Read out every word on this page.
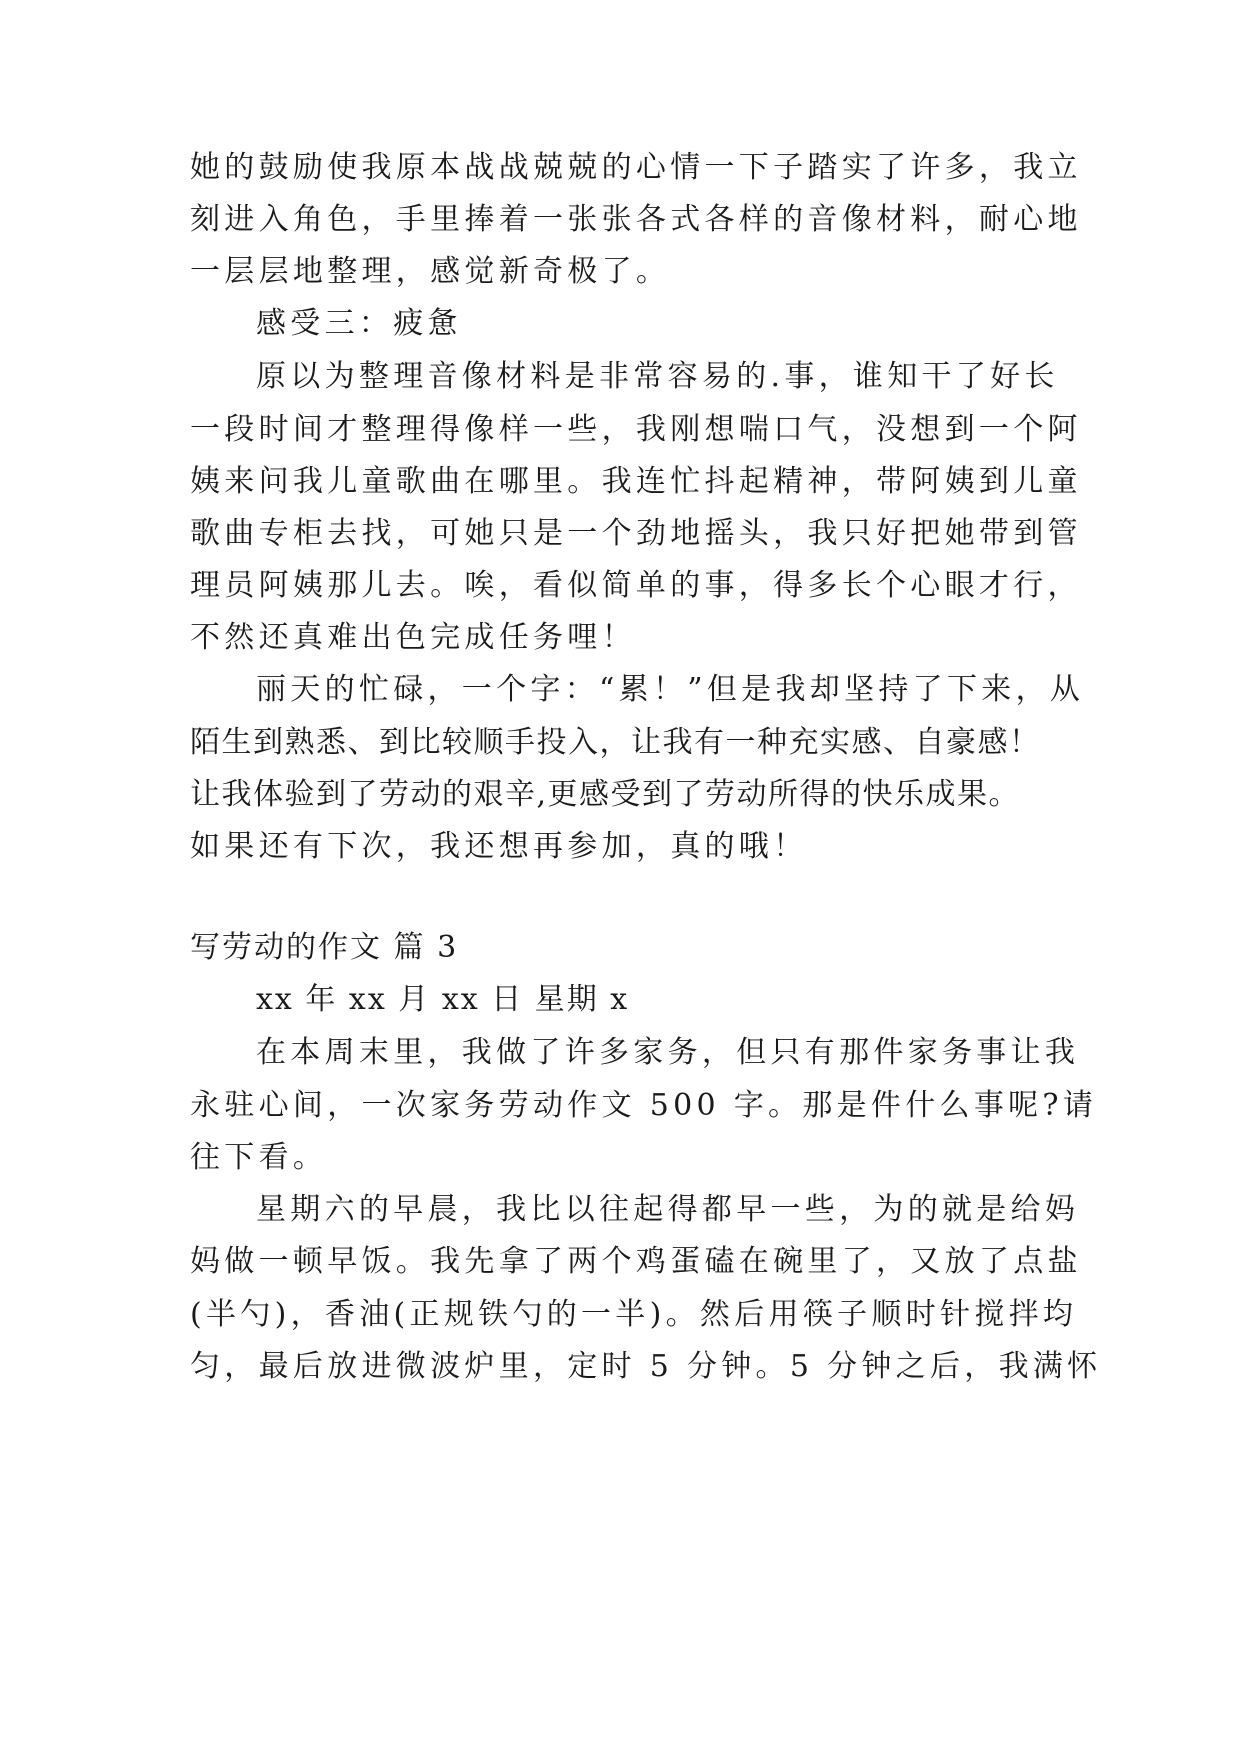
她的鼓励使我原本战战兢兢的心情一下子踏实了许多，我立
刻进入角色，手里捧着一张张各式各样的音像材料，耐心地
一层层地整理，感觉新奇极了。
感受三：疲惫
原以为整理音像材料是非常容易的.事，谁知干了好长
一段时间才整理得像样一些，我刚想喘口气，没想到一个阿
姨来问我儿童歌曲在哪里。我连忙抖起精神，带阿姨到儿童
歌曲专柜去找，可她只是一个劲地摇头，我只好把她带到管
理员阿姨那儿去。唉，看似简单的事，得多长个心眼才行，
不然还真难出色完成任务哩！
丽天的忙碌，一个字：“累！”但是我却坚持了下来，从
陌生到熟悉、到比较顺手投入，让我有一种充实感、自豪感！
让我体验到了劳动的艰辛,更感受到了劳动所得的快乐成果。
如果还有下次，我还想再参加，真的哦！
写劳动的作文 篇 3
xx 年 xx 月 xx 日 星期 x
在本周末里，我做了许多家务，但只有那件家务事让我
永驻心间，一次家务劳动作文 500 字。那是件什么事呢?请
往下看。
星期六的早晨，我比以往起得都早一些，为的就是给妈
妈做一顿早饭。我先拿了两个鸡蛋磕在碗里了，又放了点盐
(半勺)，香油(正规铁勺的一半)。然后用筷子顺时针搅拌均
匀，最后放进微波炉里，定时 5 分钟。5 分钟之后，我满怀
